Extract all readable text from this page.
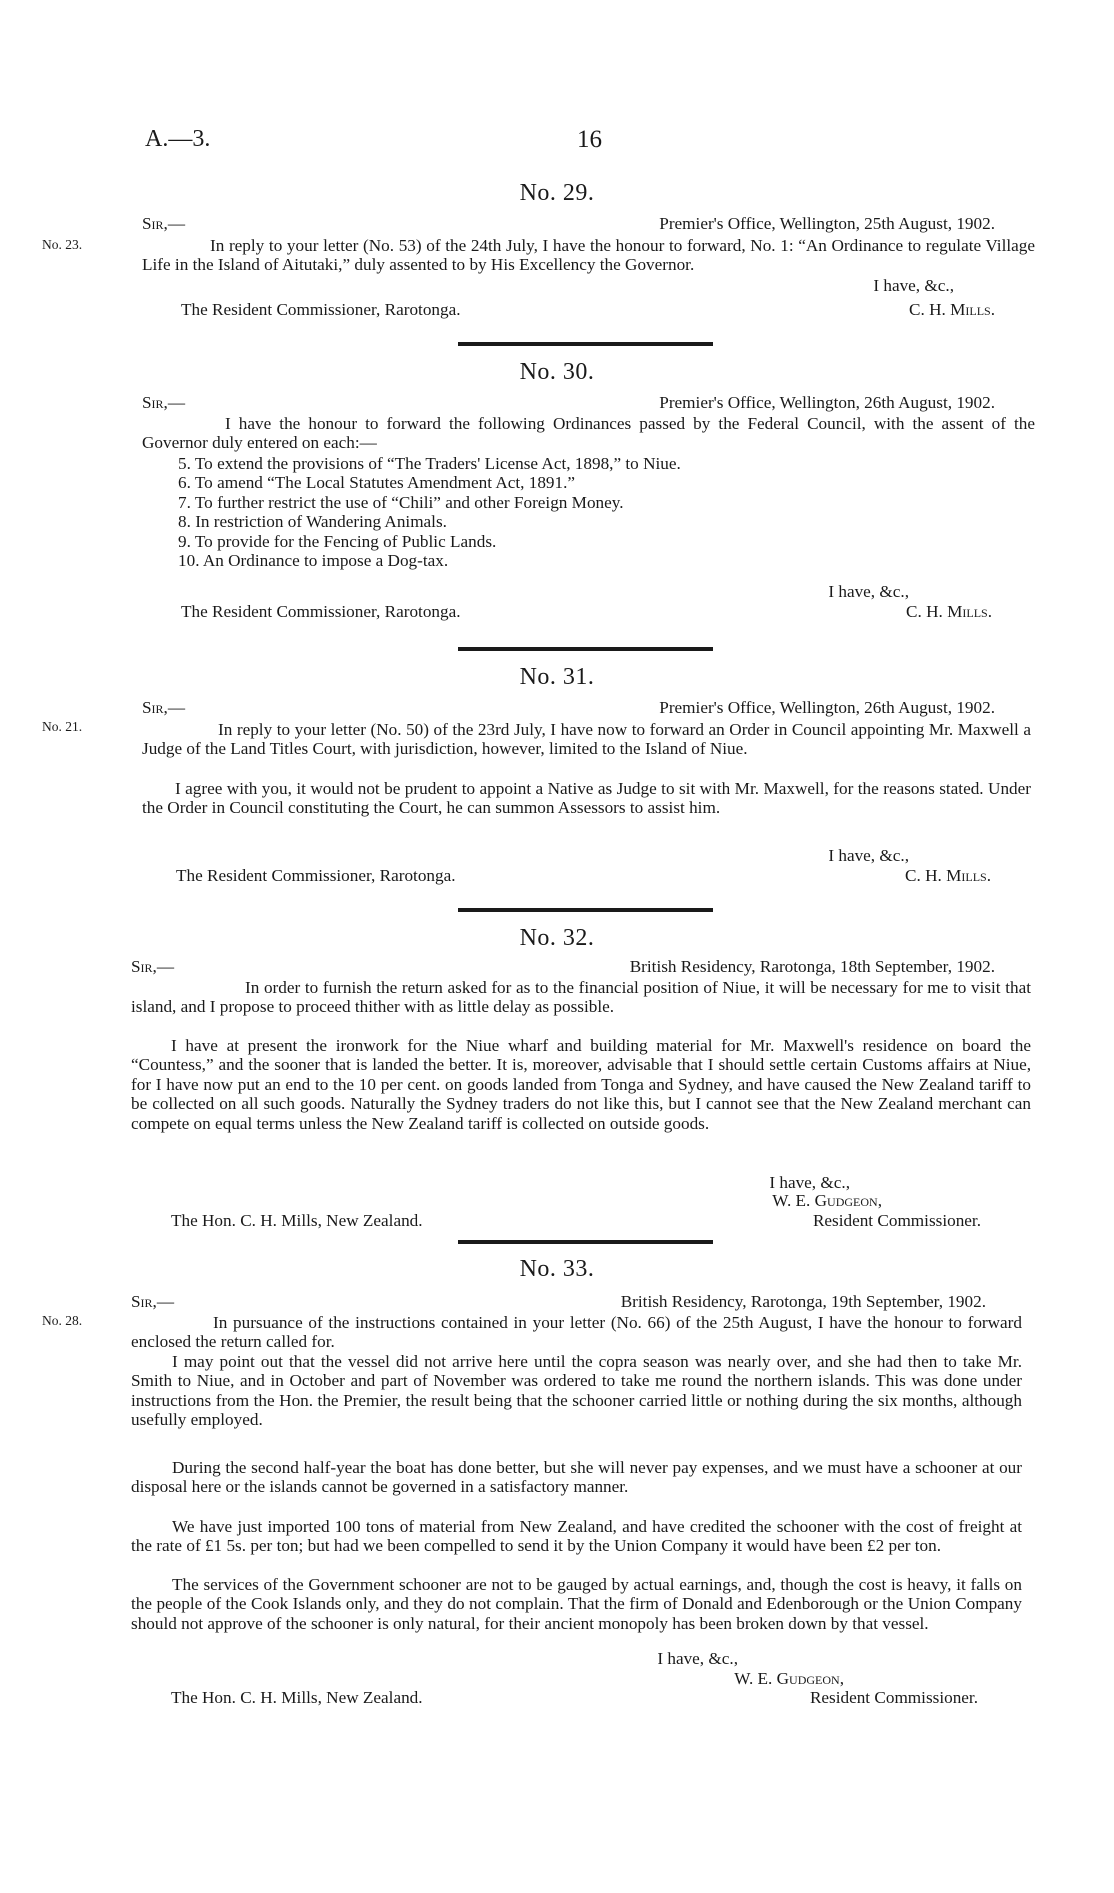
A.—3.	16
No. 29.
No. 23.
Sir,—	Premier's Office, Wellington, 25th August, 1902.
In reply to your letter (No. 53) of the 24th July, I have the honour to forward, No. 1: “An Ordinance to regulate Village Life in the Island of Aitutaki,” duly assented to by His Excellency the Governor.
I have, &c.,
The Resident Commissioner, Rarotonga.	C. H. Mills.
No. 30.
Sir,—	Premier's Office, Wellington, 26th August, 1902.
I have the honour to forward the following Ordinances passed by the Federal Council, with the assent of the Governor duly entered on each:—
5. To extend the provisions of “The Traders' License Act, 1898,” to Niue.
6. To amend “The Local Statutes Amendment Act, 1891.”
7. To further restrict the use of “Chili” and other Foreign Money.
8. In restriction of Wandering Animals.
9. To provide for the Fencing of Public Lands.
10. An Ordinance to impose a Dog-tax.
I have, &c.,
The Resident Commissioner, Rarotonga.	C. H. Mills.
No. 31.
No. 21.
Sir,—	Premier's Office, Wellington, 26th August, 1902.
In reply to your letter (No. 50) of the 23rd July, I have now to forward an Order in Council appointing Mr. Maxwell a Judge of the Land Titles Court, with jurisdiction, however, limited to the Island of Niue.
I agree with you, it would not be prudent to appoint a Native as Judge to sit with Mr. Maxwell, for the reasons stated. Under the Order in Council constituting the Court, he can summon Assessors to assist him.
I have, &c.,
The Resident Commissioner, Rarotonga.	C. H. Mills.
No. 32.
Sir,—	British Residency, Rarotonga, 18th September, 1902.
In order to furnish the return asked for as to the financial position of Niue, it will be necessary for me to visit that island, and I propose to proceed thither with as little delay as possible.
I have at present the ironwork for the Niue wharf and building material for Mr. Maxwell's residence on board the “Countess,” and the sooner that is landed the better. It is, moreover, advisable that I should settle certain Customs affairs at Niue, for I have now put an end to the 10 per cent. on goods landed from Tonga and Sydney, and have caused the New Zealand tariff to be collected on all such goods. Naturally the Sydney traders do not like this, but I cannot see that the New Zealand merchant can compete on equal terms unless the New Zealand tariff is collected on outside goods.
I have, &c.,
W. E. Gudgeon,
The Hon. C. H. Mills, New Zealand.	Resident Commissioner.
No. 33.
No. 28.
Sir,—	British Residency, Rarotonga, 19th September, 1902.
In pursuance of the instructions contained in your letter (No. 66) of the 25th August, I have the honour to forward enclosed the return called for.
I may point out that the vessel did not arrive here until the copra season was nearly over, and she had then to take Mr. Smith to Niue, and in October and part of November was ordered to take me round the northern islands. This was done under instructions from the Hon. the Premier, the result being that the schooner carried little or nothing during the six months, although usefully employed.
During the second half-year the boat has done better, but she will never pay expenses, and we must have a schooner at our disposal here or the islands cannot be governed in a satisfactory manner.
We have just imported 100 tons of material from New Zealand, and have credited the schooner with the cost of freight at the rate of £1 5s. per ton; but had we been compelled to send it by the Union Company it would have been £2 per ton.
The services of the Government schooner are not to be gauged by actual earnings, and, though the cost is heavy, it falls on the people of the Cook Islands only, and they do not complain. That the firm of Donald and Edenborough or the Union Company should not approve of the schooner is only natural, for their ancient monopoly has been broken down by that vessel.
I have, &c.,
W. E. Gudgeon,
The Hon. C. H. Mills, New Zealand.	Resident Commissioner.
